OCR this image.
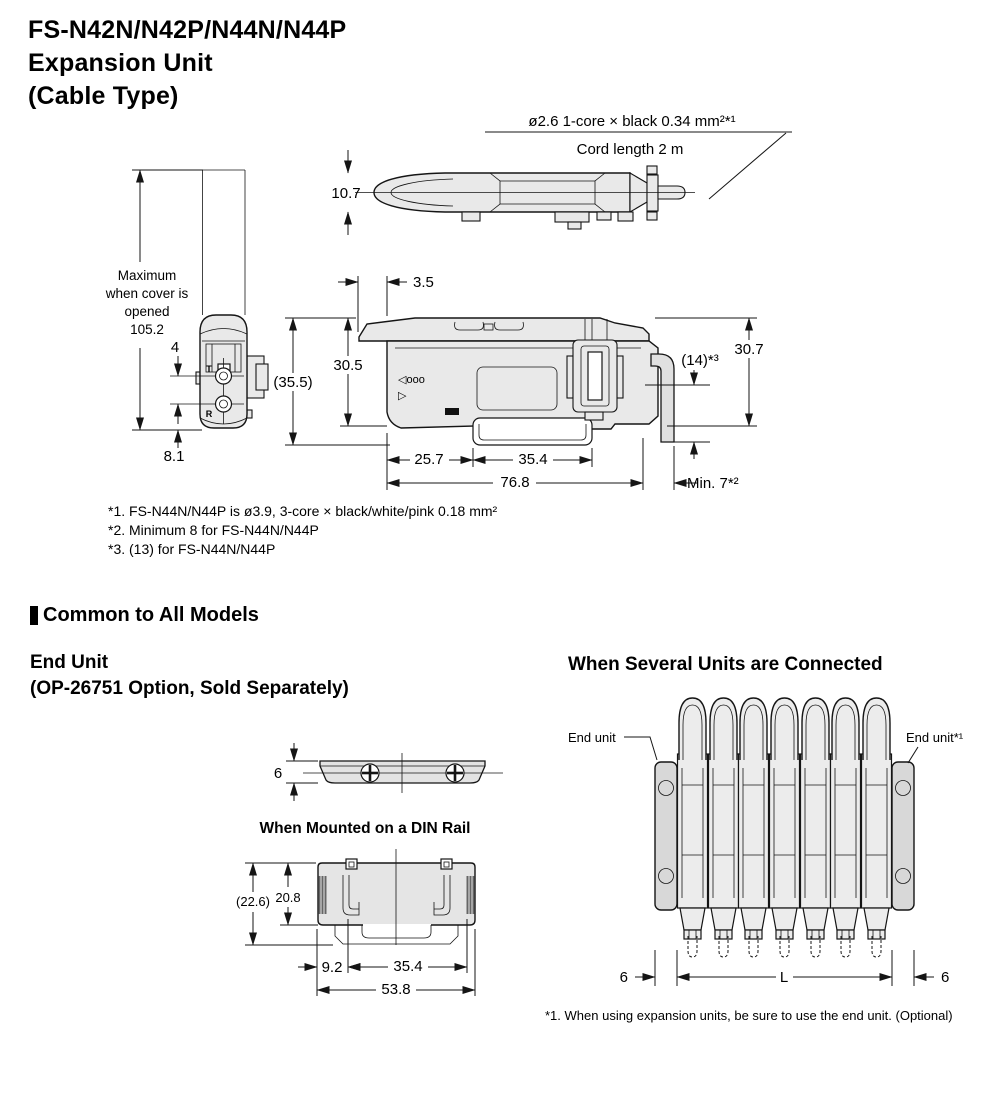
FS-N42N/N42P/N44N/N44P
Expansion Unit
(Cable Type)
ø2.6 1-core × black 0.34 mm²*¹
Cord length 2 m
10.7
Maximum
when cover is
opened
105.2
T
R
4
8.1
◁ooo
▷
3.5
30.5
(35.5)
30.7
(14)*³
25.7	35.4
76.8	Min. 7*²
*1. FS-N44N/N44P is ø3.9, 3-core × black/white/pink 0.18 mm²
*2. Minimum 8 for FS-N44N/N44P
*3. (13) for FS-N44N/N44P
Common to All Models
End Unit
(OP-26751 Option, Sold Separately)
When Several Units are Connected
6
When Mounted on a DIN Rail
(22.6) 20.8
9.2	35.4
53.8
End unit	End unit*¹
6	L	6
*1. When using expansion units, be sure to use the end unit. (Optional)
